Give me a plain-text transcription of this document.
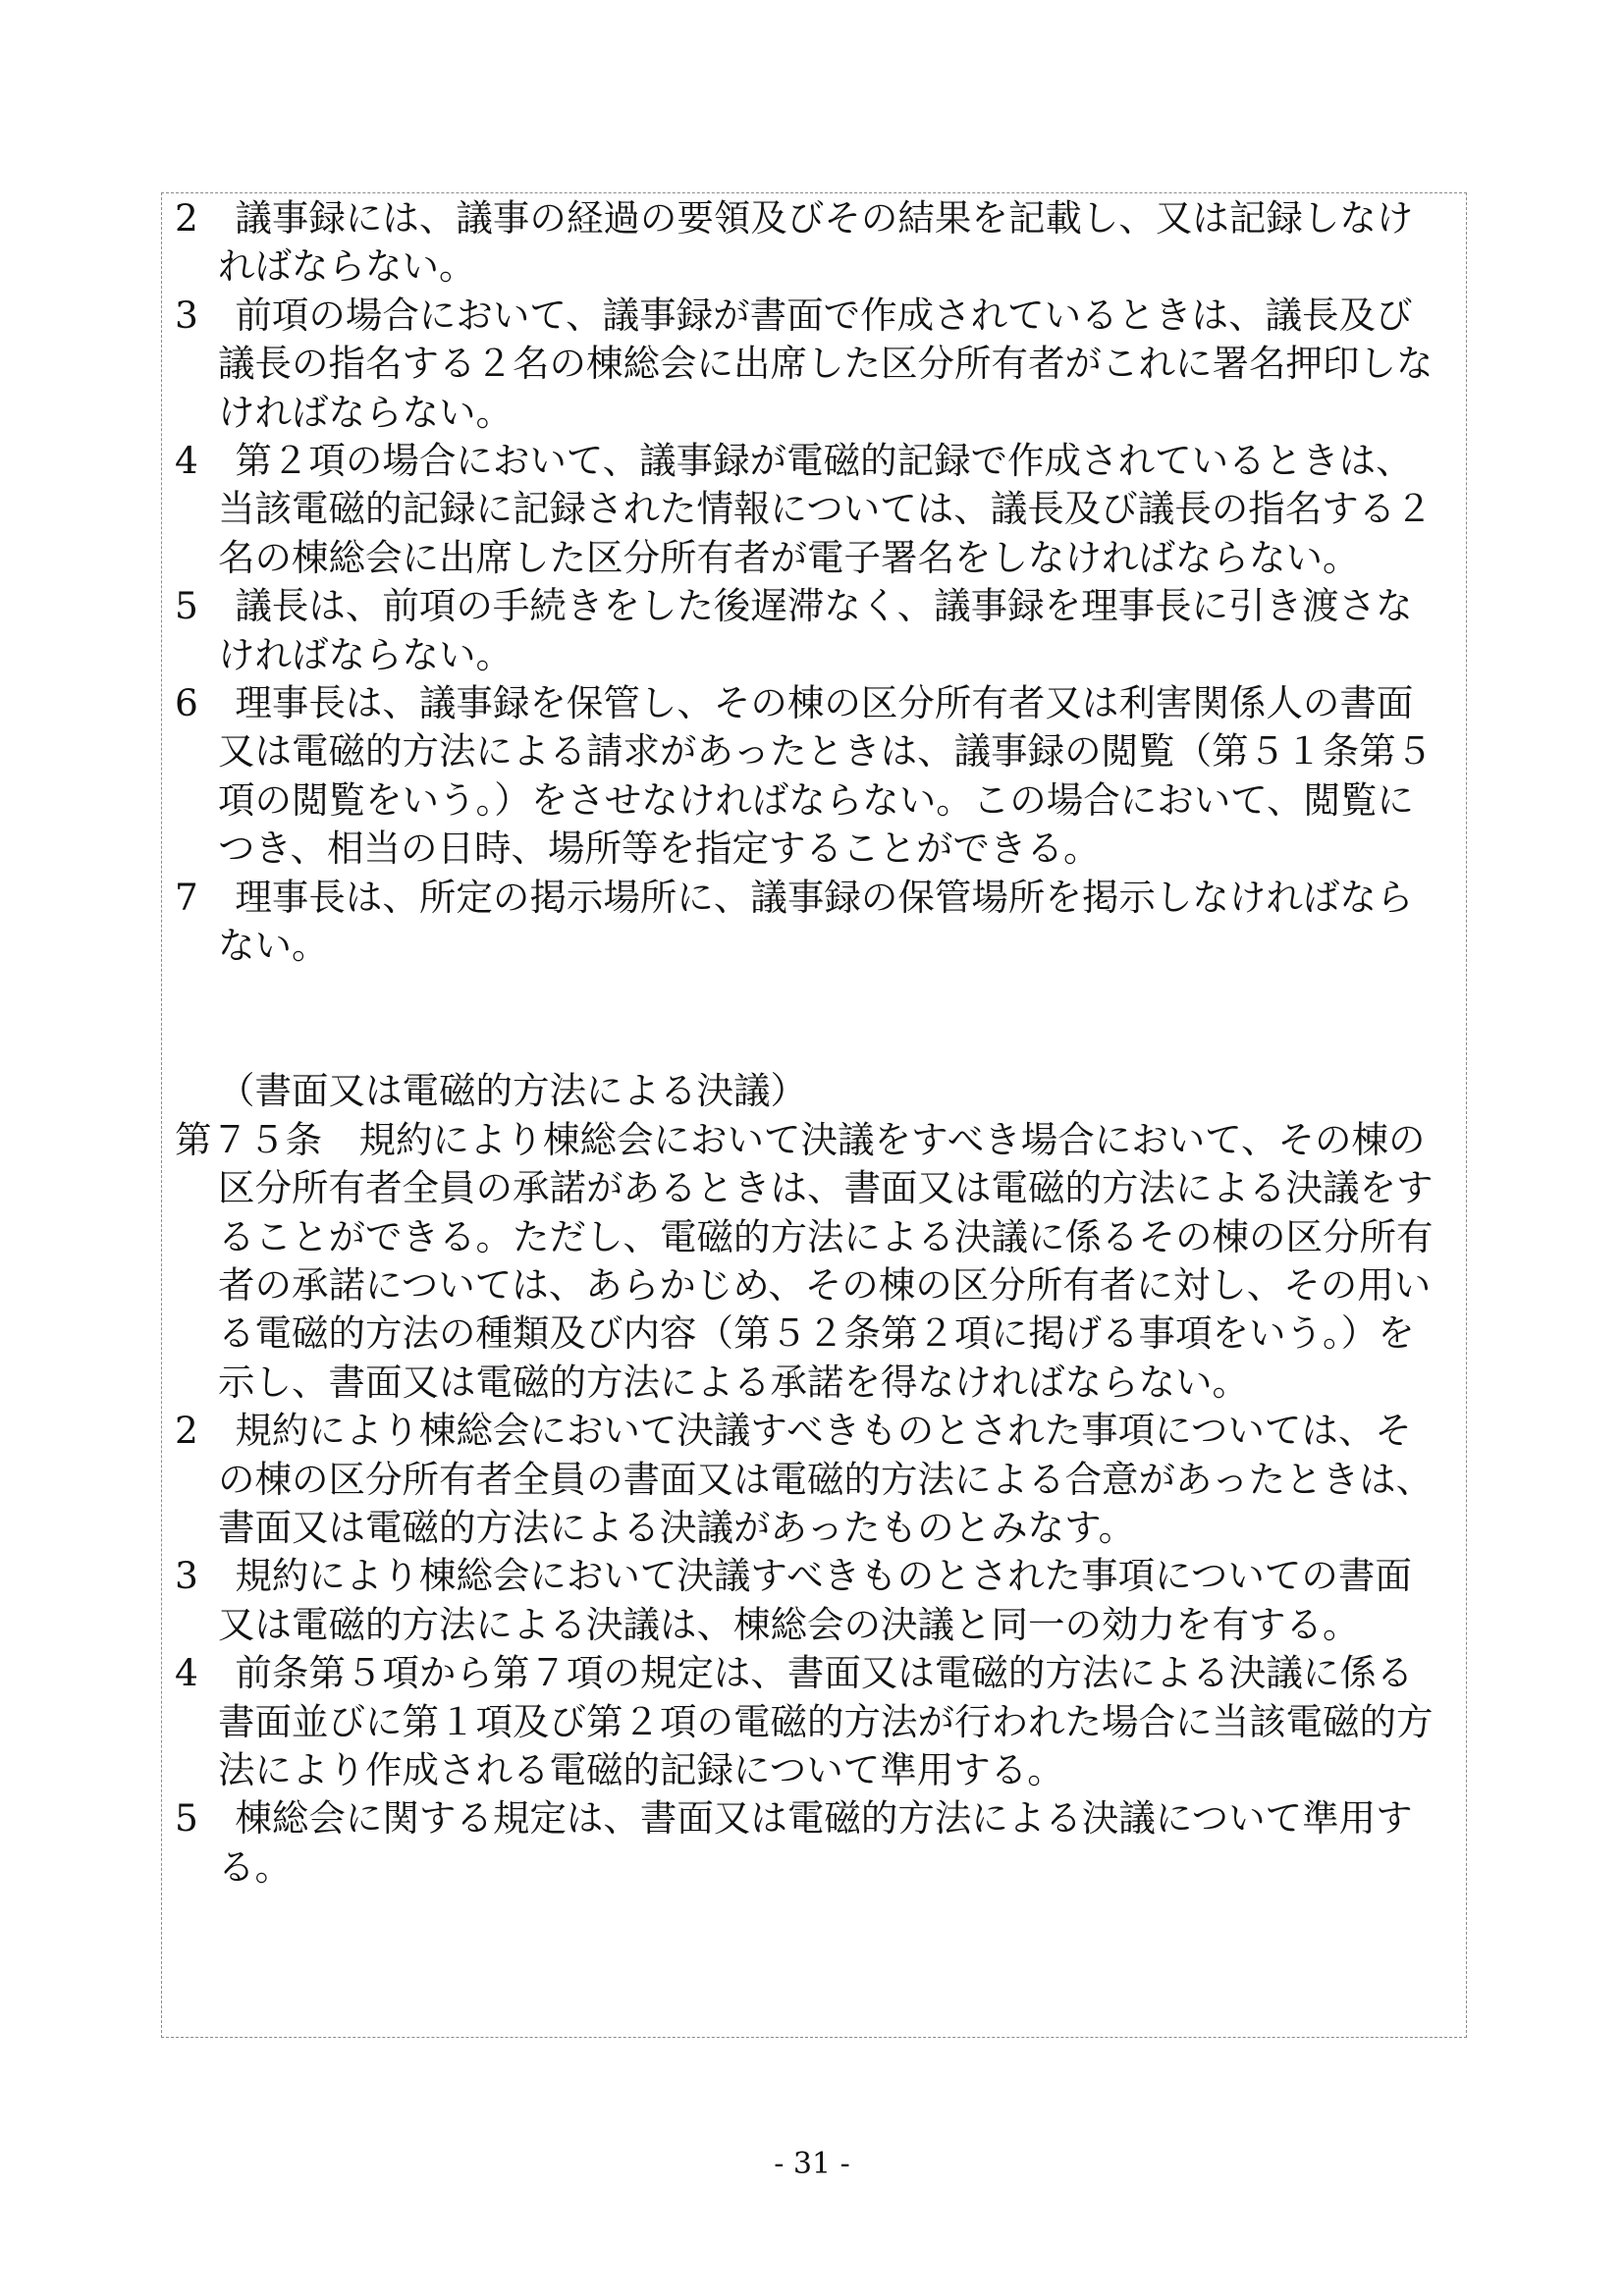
2　議事録には、議事の経過の要領及びその結果を記載し、又は記録しなければならない。

3　前項の場合において、議事録が書面で作成されているときは、議長及び議長の指名する２名の棟総会に出席した区分所有者がこれに署名押印しなければならない。

4　第２項の場合において、議事録が電磁的記録で作成されているときは、当該電磁的記録に記録された情報については、議長及び議長の指名する２名の棟総会に出席した区分所有者が電子署名をしなければならない。

5　議長は、前項の手続きをした後遅滞なく、議事録を理事長に引き渡さなければならない。

6　理事長は、議事録を保管し、その棟の区分所有者又は利害関係人の書面又は電磁的方法による請求があったときは、議事録の閲覧（第５１条第５項の閲覧をいう。）をさせなければならない。この場合において、閲覧につき、相当の日時、場所等を指定することができる。

7　理事長は、所定の掲示場所に、議事録の保管場所を掲示しなければならない。

（書面又は電磁的方法による決議）

第７５条　規約により棟総会において決議をすべき場合において、その棟の区分所有者全員の承諾があるときは、書面又は電磁的方法による決議をすることができる。ただし、電磁的方法による決議に係るその棟の区分所有者の承諾については、あらかじめ、その棟の区分所有者に対し、その用いる電磁的方法の種類及び内容（第５２条第２項に掲げる事項をいう。）を示し、書面又は電磁的方法による承諾を得なければならない。

2　規約により棟総会において決議すべきものとされた事項については、その棟の区分所有者全員の書面又は電磁的方法による合意があったときは、書面又は電磁的方法による決議があったものとみなす。

3　規約により棟総会において決議すべきものとされた事項についての書面又は電磁的方法による決議は、棟総会の決議と同一の効力を有する。

4　前条第５項から第７項の規定は、書面又は電磁的方法による決議に係る書面並びに第１項及び第２項の電磁的方法が行われた場合に当該電磁的方法により作成される電磁的記録について準用する。

5　棟総会に関する規定は、書面又は電磁的方法による決議について準用する。

- 31 -
